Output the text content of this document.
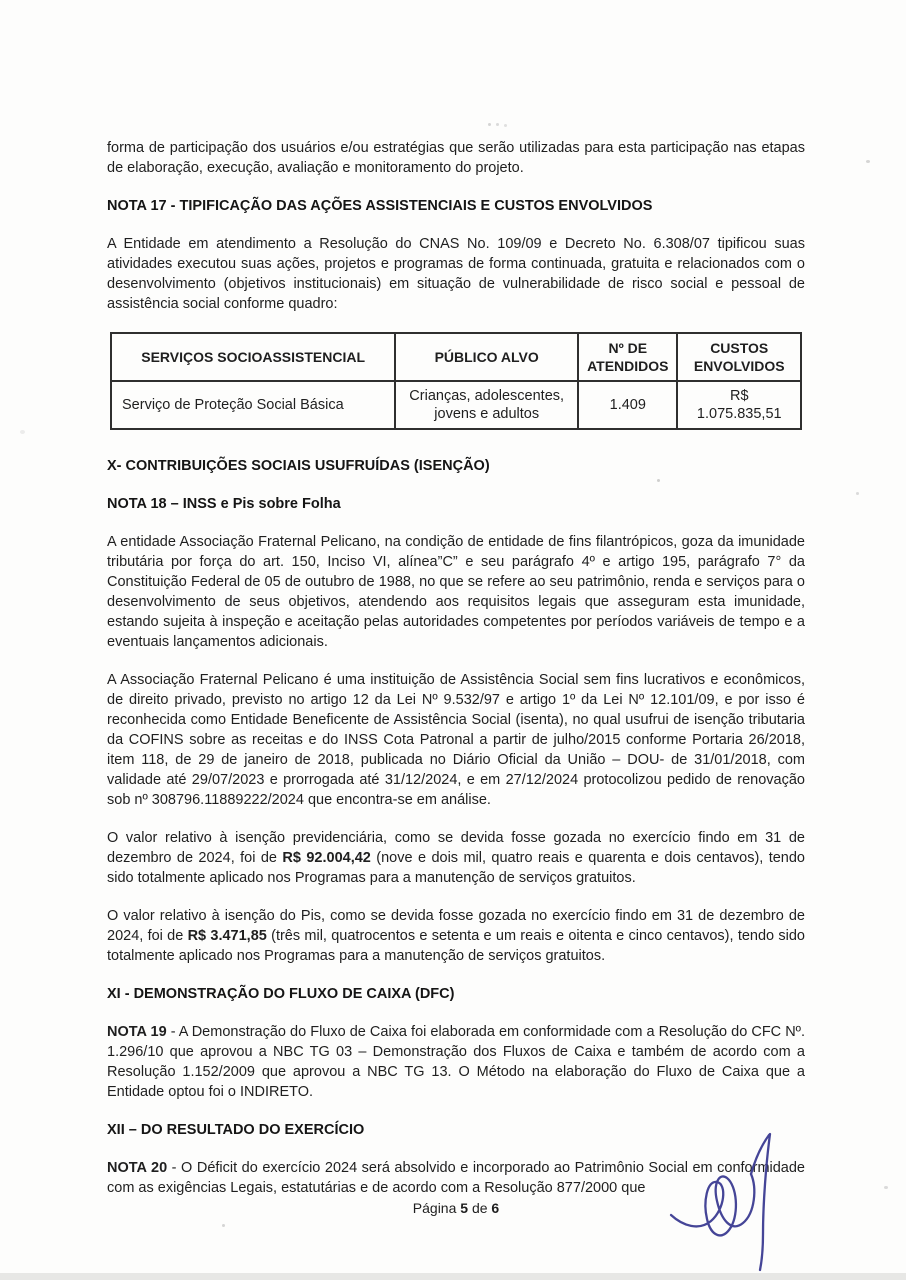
forma de participação dos usuários e/ou estratégias que serão utilizadas para esta participação nas etapas de elaboração, execução, avaliação e monitoramento do projeto.

NOTA 17 - TIPIFICAÇÃO DAS AÇÕES ASSISTENCIAIS E CUSTOS ENVOLVIDOS

A Entidade em atendimento a Resolução do CNAS No. 109/09 e Decreto No. 6.308/07 tipificou suas atividades executou suas ações, projetos e programas de forma continuada, gratuita e relacionados com o desenvolvimento (objetivos institucionais) em situação de vulnerabilidade de risco social e pessoal de assistência social conforme quadro:

SERVIÇOS SOCIOASSISTENCIAL	PÚBLICO ALVO	Nº DE ATENDIDOS	CUSTOS ENVOLVIDOS
Serviço de Proteção Social Básica	Crianças, adolescentes, jovens e adultos	1.409	R$ 1.075.835,51

X- CONTRIBUIÇÕES SOCIAIS USUFRUÍDAS (ISENÇÃO)

NOTA 18 – INSS e Pis sobre Folha

A entidade Associação Fraternal Pelicano, na condição de entidade de fins filantrópicos, goza da imunidade tributária por força do art. 150, Inciso VI, alínea”C” e seu parágrafo 4º e artigo 195, parágrafo 7° da Constituição Federal de 05 de outubro de 1988, no que se refere ao seu patrimônio, renda e serviços para o desenvolvimento de seus objetivos, atendendo aos requisitos legais que asseguram esta imunidade, estando sujeita à inspeção e aceitação pelas autoridades competentes por períodos variáveis de tempo e a eventuais lançamentos adicionais.

A Associação Fraternal Pelicano é uma instituição de Assistência Social sem fins lucrativos e econômicos, de direito privado, previsto no artigo 12 da Lei Nº 9.532/97 e artigo 1º da Lei Nº 12.101/09, e por isso é reconhecida como Entidade Beneficente de Assistência Social (isenta), no qual usufrui de isenção tributaria da COFINS sobre as receitas e do INSS Cota Patronal a partir de julho/2015 conforme Portaria 26/2018, item 118, de 29 de janeiro de 2018, publicada no Diário Oficial da União – DOU- de 31/01/2018, com validade até 29/07/2023 e prorrogada até 31/12/2024, e em 27/12/2024 protocolizou pedido de renovação sob nº 308796.11889222/2024 que encontra-se em análise.

O valor relativo à isenção previdenciária, como se devida fosse gozada no exercício findo em 31 de dezembro de 2024, foi de R$ 92.004,42 (nove e dois mil, quatro reais e quarenta e dois centavos), tendo sido totalmente aplicado nos Programas para a manutenção de serviços gratuitos.

O valor relativo à isenção do Pis, como se devida fosse gozada no exercício findo em 31 de dezembro de 2024, foi de R$ 3.471,85 (três mil, quatrocentos e setenta e um reais e oitenta e cinco centavos), tendo sido totalmente aplicado nos Programas para a manutenção de serviços gratuitos.

XI - DEMONSTRAÇÃO DO FLUXO DE CAIXA (DFC)

NOTA 19 - A Demonstração do Fluxo de Caixa foi elaborada em conformidade com a Resolução do CFC Nº. 1.296/10 que aprovou a NBC TG 03 – Demonstração dos Fluxos de Caixa e também de acordo com a Resolução 1.152/2009 que aprovou a NBC TG 13. O Método na elaboração do Fluxo de Caixa que a Entidade optou foi o INDIRETO.

XII – DO RESULTADO DO EXERCÍCIO

NOTA 20 - O Déficit do exercício 2024 será absolvido e incorporado ao Patrimônio Social em conformidade com as exigências Legais, estatutárias e de acordo com a Resolução 877/2000 que

Página 5 de 6
